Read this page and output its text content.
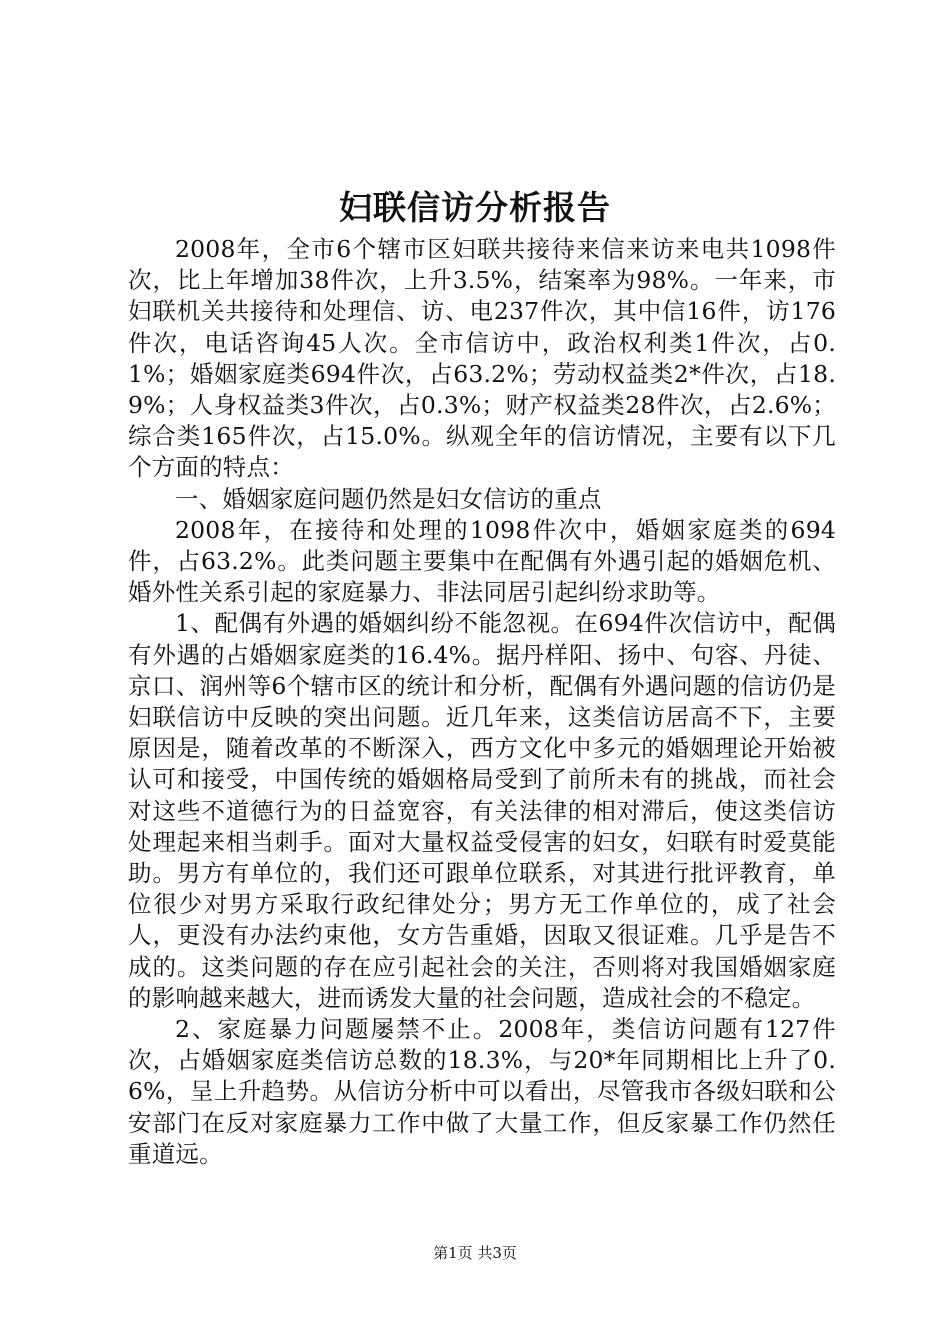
妇联信访分析报告

2008年，全市6个辖市区妇联共接待来信来访来电共1098件次，比上年增加38件次，上升3.5%，结案率为98%。一年来，市妇联机关共接待和处理信、访、电237件次，其中信16件，访176件次，电话咨询45人次。全市信访中，政治权利类1件次，占0.1%；婚姻家庭类694件次，占63.2%；劳动权益类2*件次，占18.9%；人身权益类3件次，占0.3%；财产权益类28件次，占2.6%；综合类165件次，占15.0%。纵观全年的信访情况，主要有以下几个方面的特点：

一、婚姻家庭问题仍然是妇女信访的重点

2008年，在接待和处理的1098件次中，婚姻家庭类的694件，占63.2%。此类问题主要集中在配偶有外遇引起的婚姻危机、婚外性关系引起的家庭暴力、非法同居引起纠纷求助等。

1、配偶有外遇的婚姻纠纷不能忽视。在694件次信访中，配偶有外遇的占婚姻家庭类的16.4%。据丹样阳、扬中、句容、丹徒、京口、润州等6个辖市区的统计和分析，配偶有外遇问题的信访仍是妇联信访中反映的突出问题。近几年来，这类信访居高不下，主要原因是，随着改革的不断深入，西方文化中多元的婚姻理论开始被认可和接受，中国传统的婚姻格局受到了前所未有的挑战，而社会对这些不道德行为的日益宽容，有关法律的相对滞后，使这类信访处理起来相当刺手。面对大量权益受侵害的妇女，妇联有时爱莫能助。男方有单位的，我们还可跟单位联系，对其进行批评教育，单位很少对男方采取行政纪律处分；男方无工作单位的，成了社会人，更没有办法约束他，女方告重婚，因取又很证难。几乎是告不成的。这类问题的存在应引起社会的关注，否则将对我国婚姻家庭的影响越来越大，进而诱发大量的社会问题，造成社会的不稳定。

2、家庭暴力问题屡禁不止。2008年，类信访问题有127件次，占婚姻家庭类信访总数的18.3%，与20*年同期相比上升了0.6%，呈上升趋势。从信访分析中可以看出，尽管我市各级妇联和公安部门在反对家庭暴力工作中做了大量工作，但反家暴工作仍然任重道远。

第1页 共3页
